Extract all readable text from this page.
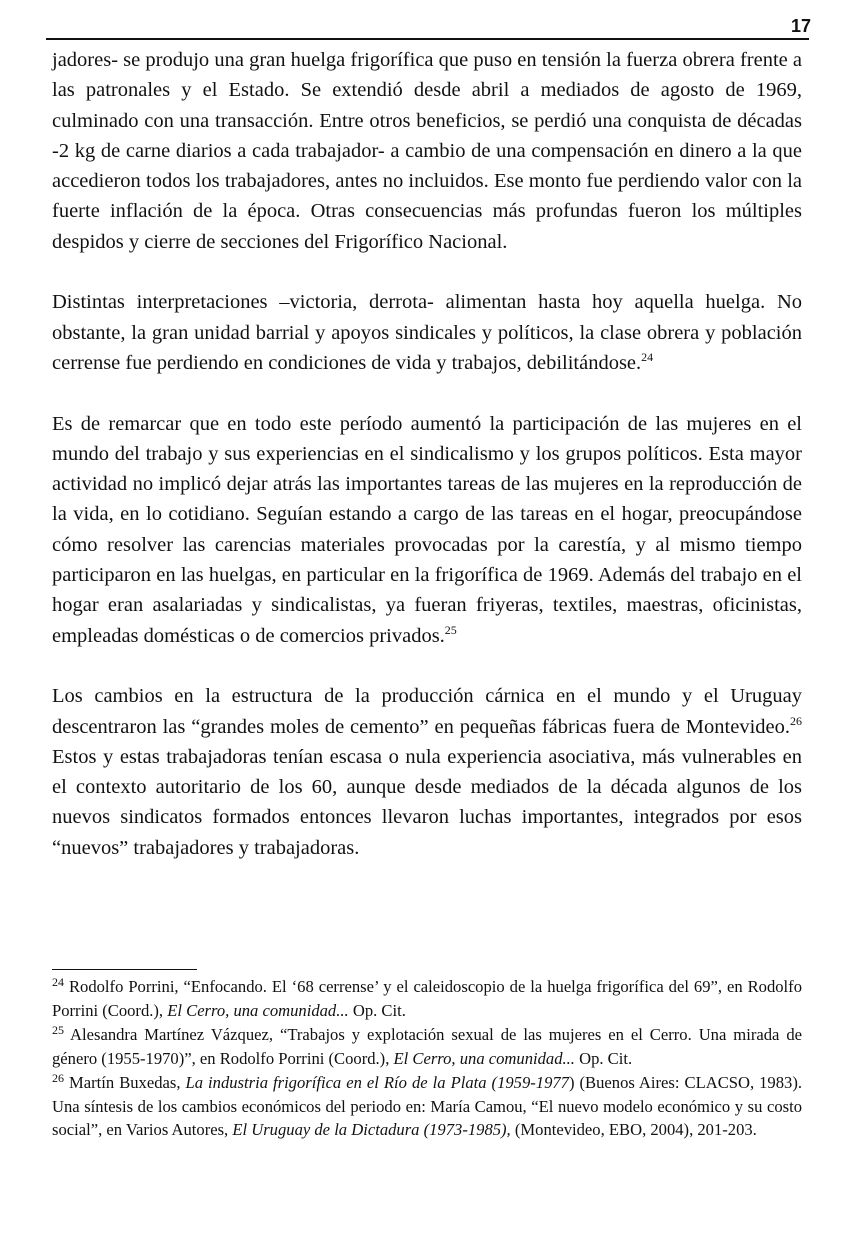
17

jadores- se produjo una gran huelga frigorífica que puso en tensión la fuerza obrera frente a las patronales y el Estado. Se extendió desde abril a mediados de agosto de 1969, culminado con una transacción. Entre otros beneficios, se perdió una conquista de décadas -2 kg de carne diarios a cada trabajador- a cambio de una compensación en dinero a la que accedieron todos los trabajadores, antes no incluidos. Ese monto fue perdiendo valor con la fuerte inflación de la época. Otras consecuencias más profundas fueron los múltiples despidos y cierre de secciones del Frigorífico Nacional.

Distintas interpretaciones –victoria, derrota- alimentan hasta hoy aquella huelga. No obstante, la gran unidad barrial y apoyos sindicales y políticos, la clase obrera y población cerrense fue perdiendo en condiciones de vida y trabajos, debilitándose.$^{24}$

Es de remarcar que en todo este período aumentó la participación de las mujeres en el mundo del trabajo y sus experiencias en el sindicalismo y los grupos políticos. Esta mayor actividad no implicó dejar atrás las importantes tareas de las mujeres en la reproducción de la vida, en lo cotidiano. Seguían estando a cargo de las tareas en el hogar, preocupándose cómo resolver las carencias materiales provocadas por la carestía, y al mismo tiempo participaron en las huelgas, en particular en la frigorífica de 1969. Además del trabajo en el hogar eran asalariadas y sindicalistas, ya fueran friyeras, textiles, maestras, oficinistas, empleadas domésticas o de comercios privados.$^{25}$

Los cambios en la estructura de la producción cárnica en el mundo y el Uruguay descentraron las “grandes moles de cemento” en pequeñas fábricas fuera de Montevideo.$^{26}$ Estos y estas trabajadoras tenían escasa o nula experiencia asociativa, más vulnerables en el contexto autoritario de los 60, aunque desde mediados de la década algunos de los nuevos sindicatos formados entonces llevaron luchas importantes, integrados por esos “nuevos” trabajadores y trabajadoras.

$^{24}$ Rodolfo Porrini, “Enfocando. El ‘68 cerrense’ y el caleidoscopio de la huelga frigorífica del 69”, en Rodolfo Porrini (Coord.), El Cerro, una comunidad... Op. Cit.

$^{25}$ Alesandra Martínez Vázquez, “Trabajos y explotación sexual de las mujeres en el Cerro. Una mirada de género (1955-1970)”, en Rodolfo Porrini (Coord.), El Cerro, una comunidad... Op. Cit.

$^{26}$ Martín Buxedas, La industria frigorífica en el Río de la Plata (1959-1977) (Buenos Aires: CLACSO, 1983). Una síntesis de los cambios económicos del periodo en: María Camou, “El nuevo modelo económico y su costo social”, en Varios Autores, El Uruguay de la Dictadura (1973-1985), (Montevideo, EBO, 2004), 201-203.
